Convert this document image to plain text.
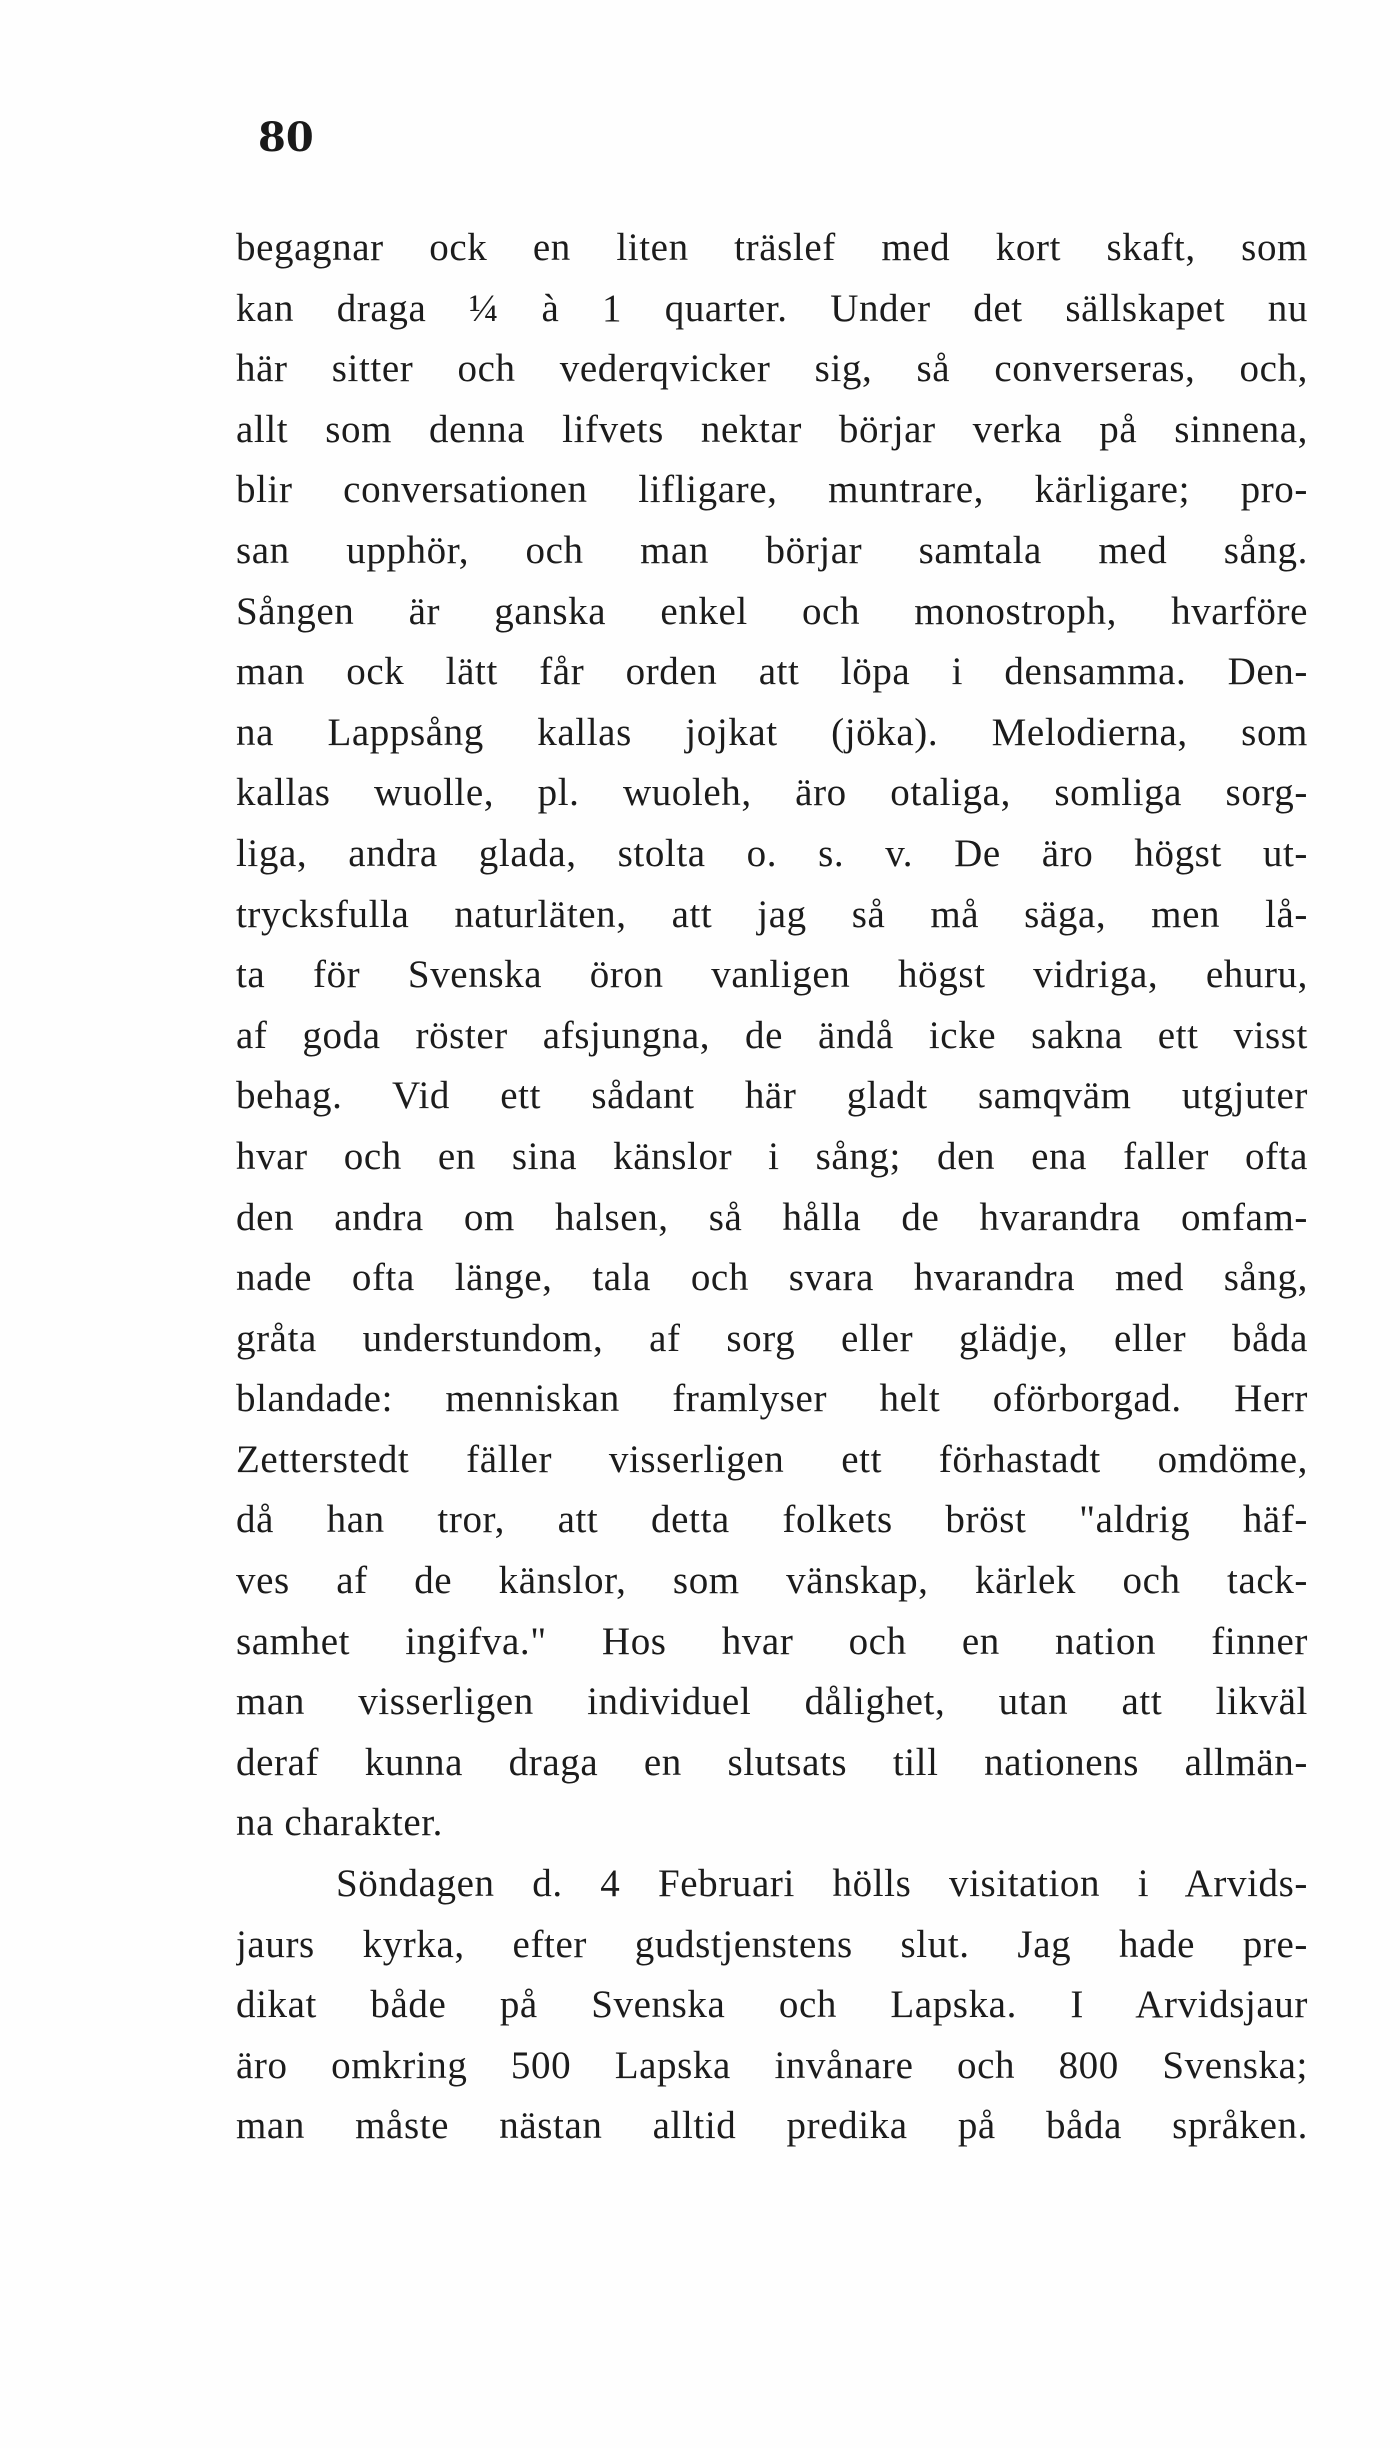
80
begagnar ock en liten träslef med kort skaft, som
kan draga ¼ à 1 quarter. Under det sällskapet nu
här sitter och vederqvicker sig, så converseras, och,
allt som denna lifvets nektar börjar verka på sinnena,
blir conversationen lifligare, muntrare, kärligare; pro-
san upphör, och man börjar samtala med sång.
Sången är ganska enkel och monostroph, hvarföre
man ock lätt får orden att löpa i densamma. Den-
na Lappsång kallas jojkat (jöka). Melodierna, som
kallas wuolle, pl. wuoleh, äro otaliga, somliga sorg-
liga, andra glada, stolta o. s. v. De äro högst ut-
trycksfulla naturläten, att jag så må säga, men lå-
ta för Svenska öron vanligen högst vidriga, ehuru,
af goda röster afsjungna, de ändå icke sakna ett visst
behag. Vid ett sådant här gladt samqväm utgjuter
hvar och en sina känslor i sång; den ena faller ofta
den andra om halsen, så hålla de hvarandra omfam-
nade ofta länge, tala och svara hvarandra med sång,
gråta understundom, af sorg eller glädje, eller båda
blandade: menniskan framlyser helt oförborgad. Herr
Zetterstedt fäller visserligen ett förhastadt omdöme,
då han tror, att detta folkets bröst "aldrig häf-
ves af de känslor, som vänskap, kärlek och tack-
samhet ingifva." Hos hvar och en nation finner
man visserligen individuel dålighet, utan att likväl
deraf kunna draga en slutsats till nationens allmän-
na charakter.
Söndagen d. 4 Februari hölls visitation i Arvids-
jaurs kyrka, efter gudstjenstens slut. Jag hade pre-
dikat både på Svenska och Lapska. I Arvidsjaur
äro omkring 500 Lapska invånare och 800 Svenska;
man måste nästan alltid predika på båda språken.
